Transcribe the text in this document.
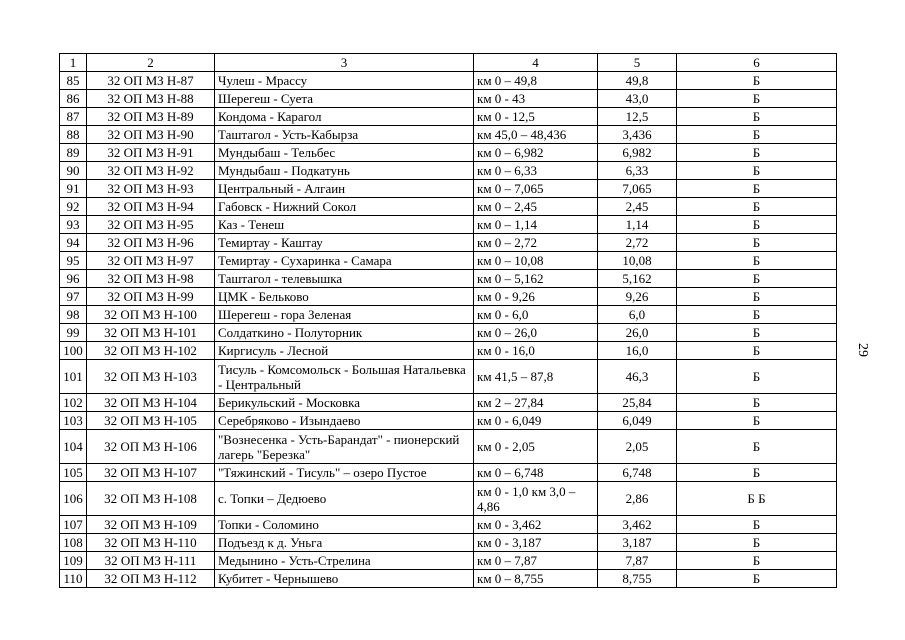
1	2	3	4	5	6
85	32 ОП МЗ Н-87	Чулеш - Мрассу	км 0 – 49,8	49,8	Б
86	32 ОП МЗ Н-88	Шерегеш - Суета	км 0 - 43	43,0	Б
87	32 ОП МЗ Н-89	Кондома - Карагол	км 0 - 12,5	12,5	Б
88	32 ОП МЗ Н-90	Таштагол - Усть-Кабырза	км 45,0 – 48,436	3,436	Б
89	32 ОП МЗ Н-91	Мундыбаш - Тельбес	км 0 – 6,982	6,982	Б
90	32 ОП МЗ Н-92	Мундыбаш - Подкатунь	км 0 – 6,33	6,33	Б
91	32 ОП МЗ Н-93	Центральный - Алгаин	км 0 – 7,065	7,065	Б
92	32 ОП МЗ Н-94	Габовск - Нижний Сокол	км 0 – 2,45	2,45	Б
93	32 ОП МЗ Н-95	Каз - Тенеш	км 0 – 1,14	1,14	Б
94	32 ОП МЗ Н-96	Темиртау - Каштау	км 0 – 2,72	2,72	Б
95	32 ОП МЗ Н-97	Темиртау - Сухаринка - Самара	км 0 – 10,08	10,08	Б
96	32 ОП МЗ Н-98	Таштагол - телевышка	км 0 – 5,162	5,162	Б
97	32 ОП МЗ Н-99	ЦМК - Бельково	км 0 - 9,26	9,26	Б
98	32 ОП МЗ Н-100	Шерегеш - гора Зеленая	км 0 - 6,0	6,0	Б
99	32 ОП МЗ Н-101	Солдаткино - Полуторник	км 0 – 26,0	26,0	Б
100	32 ОП МЗ Н-102	Киргисуль - Лесной	км 0 - 16,0	16,0	Б
101	32 ОП МЗ Н-103	Тисуль - Комсомольск - Большая Натальевка - Центральный	км 41,5 – 87,8	46,3	Б
102	32 ОП МЗ Н-104	Берикульский - Московка	км 2 – 27,84	25,84	Б
103	32 ОП МЗ Н-105	Серебряково - Изындаево	км 0 - 6,049	6,049	Б
104	32 ОП МЗ Н-106	"Вознесенка - Усть-Барандат" - пионерский лагерь "Березка"	км 0 - 2,05	2,05	Б
105	32 ОП МЗ Н-107	"Тяжинский - Тисуль" – озеро Пустое	км 0 – 6,748	6,748	Б
106	32 ОП МЗ Н-108	с. Топки – Дедюево	км 0 - 1,0 км 3,0 – 4,86	2,86	Б Б
107	32 ОП МЗ Н-109	Топки - Соломино	км 0 - 3,462	3,462	Б
108	32 ОП МЗ Н-110	Подъезд к д. Уньга	км 0 - 3,187	3,187	Б
109	32 ОП МЗ Н-111	Медынино - Усть-Стрелина	км 0 – 7,87	7,87	Б
110	32 ОП МЗ Н-112	Кубитет - Чернышево	км 0 – 8,755	8,755	Б
29
